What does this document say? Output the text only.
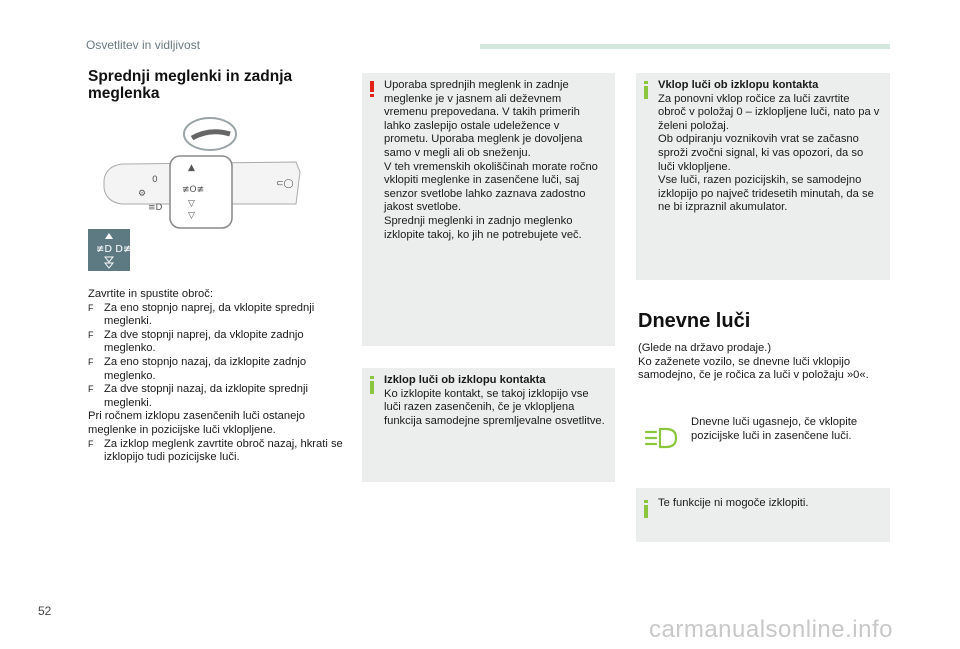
Osvetlitev in vidljivost
Sprednji meglenki in zadnja meglenka
0
⚙
≡D
▲
≢O≢
▽
▽
⊂◯
≢D D≢
Zavrtite in spustite obroč:
F Za eno stopnjo naprej, da vklopite sprednji meglenki.
F Za dve stopnji naprej, da vklopite zadnjo meglenko.
F Za eno stopnjo nazaj, da izklopite zadnjo meglenko.
F Za dve stopnji nazaj, da izklopite sprednji meglenki.
Pri ročnem izklopu zasenčenih luči ostanejo meglenke in pozicijske luči vklopljene.
F Za izklop meglenk zavrtite obroč nazaj, hkrati se izklopijo tudi pozicijske luči.
Uporaba sprednjih meglenk in zadnje meglenke je v jasnem ali deževnem vremenu prepovedana. V takih primerih lahko zaslepijo ostale udeležence v prometu. Uporaba meglenk je dovoljena samo v megli ali ob sneženju.
V teh vremenskih okoliščinah morate ročno vklopiti meglenke in zasenčene luči, saj senzor svetlobe lahko zaznava zadostno jakost svetlobe.
Sprednji meglenki in zadnjo meglenko izklopite takoj, ko jih ne potrebujete več.
Izklop luči ob izklopu kontakta
Ko izklopite kontakt, se takoj izklopijo vse luči razen zasenčenih, če je vklopljena funkcija samodejne spremljevalne osvetlitve.
Vklop luči ob izklopu kontakta
Za ponovni vklop ročice za luči zavrtite obroč v položaj 0 – izklopljene luči, nato pa v želeni položaj.
Ob odpiranju voznikovih vrat se začasno sproži zvočni signal, ki vas opozori, da so luči vklopljene.
Vse luči, razen pozicijskih, se samodejno izklopijo po največ tridesetih minutah, da se ne bi izpraznil akumulator.
Dnevne luči
(Glede na državo prodaje.)
Ko zaženete vozilo, se dnevne luči vklopijo samodejno, če je ročica za luči v položaju »0«.
Dnevne luči ugasnejo, če vklopite pozicijske luči in zasenčene luči.
Te funkcije ni mogoče izklopiti.
52
carmanualsonline.info
